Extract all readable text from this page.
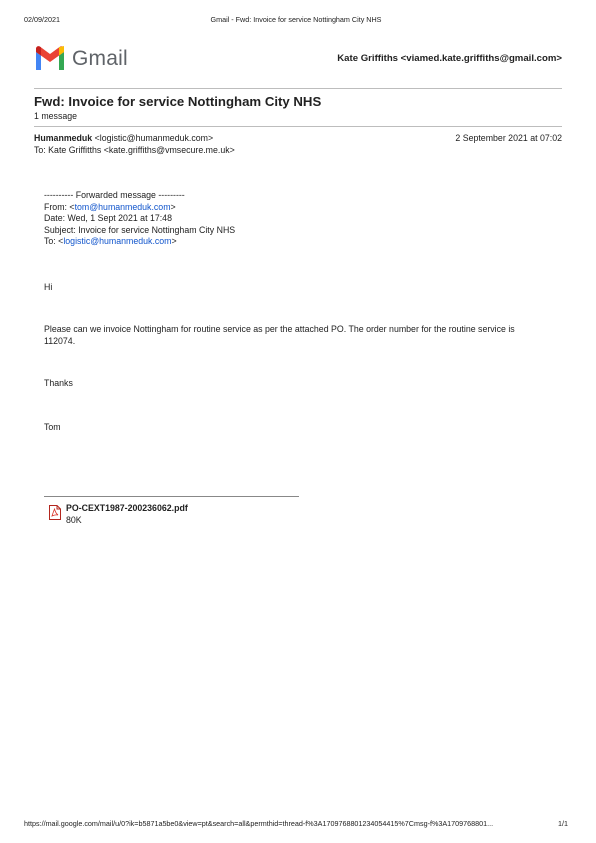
02/09/2021	Gmail - Fwd: Invoice for service Nottingham City NHS
Gmail	Kate Griffiths <viamed.kate.griffiths@gmail.com>
Fwd: Invoice for service Nottingham City NHS
1 message
Humanmeduk <logistic@humanmeduk.com>	2 September 2021 at 07:02
To: Kate Griffitths <kate.griffiths@vmsecure.me.uk>
---------- Forwarded message ---------
From: <tom@humanmeduk.com>
Date: Wed, 1 Sept 2021 at 17:48
Subject: Invoice for service Nottingham City NHS
To: <logistic@humanmeduk.com>
Hi
Please can we invoice Nottingham for routine service as per the attached PO. The order number for the routine service is 112074.
Thanks
Tom
PO-CEXT1987-200236062.pdf
80K
https://mail.google.com/mail/u/0?ik=b5871a5be0&view=pt&search=all&permthid=thread-f%3A1709768801234054415%7Cmsg-f%3A1709768801...	1/1
